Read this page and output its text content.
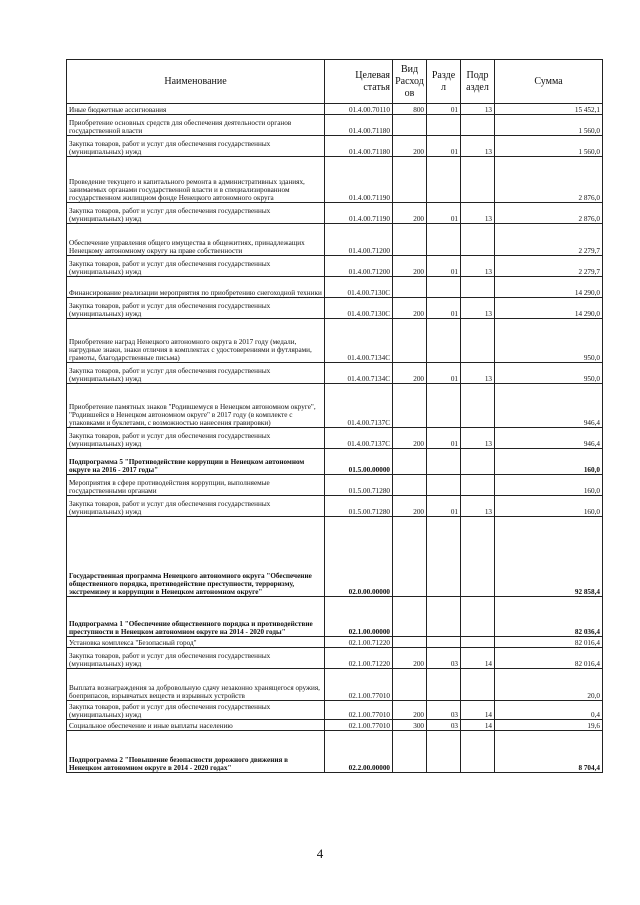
Наименование	Целевая статья	Вид Расход ов	Разде л	Подр аздел	Сумма
Иные бюджетные ассигнования	01.4.00.70110	800	01	13	15 452,1
Приобретение основных средств для обеспечения деятельности органов государственной власти	01.4.00.71180				1 560,0
Закупка товаров, работ и услуг для обеспечения государственных (муниципальных) нужд	01.4.00.71180	200	01	13	1 560,0
Проведение текущего и капитального ремонта в административных зданиях, занимаемых органами государственной власти и в специализированном государственном жилищном фонде Ненецкого автономного округа	01.4.00.71190				2 876,0
Закупка товаров, работ и услуг для обеспечения государственных (муниципальных) нужд	01.4.00.71190	200	01	13	2 876,0
Обеспечение управления общего имущества в общежитиях, принадлежащих Ненецкому автономному округу на праве собственности	01.4.00.71200				2 279,7
Закупка товаров, работ и услуг для обеспечения государственных (муниципальных) нужд	01.4.00.71200	200	01	13	2 279,7
Финансирование реализации мероприятия по приобретению снегоходной техники	01.4.00.7130С				14 290,0
Закупка товаров, работ и услуг для обеспечения государственных (муниципальных) нужд	01.4.00.7130С	200	01	13	14 290,0
Приобретение наград Ненецкого автономного округа в 2017 году (медали, нагрудные знаки, знаки отличия в комплектах с удостоверениями и футлярами, грамоты, благодарственные письма)	01.4.00.7134С				950,0
Закупка товаров, работ и услуг для обеспечения государственных (муниципальных) нужд	01.4.00.7134С	200	01	13	950,0
Приобретение памятных знаков "Родившемуся в Ненецком автономном округе", "Родившейся в Ненецком автономном округе" в 2017 году (в комплекте с упаковками и буклетами, с возможностью нанесения гравировки)	01.4.00.7137С				946,4
Закупка товаров, работ и услуг для обеспечения государственных (муниципальных) нужд	01.4.00.7137С	200	01	13	946,4
Подпрограмма 5 "Противодействие коррупции в Ненецком автономном округе на 2016 - 2017 годы"	01.5.00.00000				160,0
Мероприятия в сфере противодействия коррупции, выполняемые государственными органами	01.5.00.71280				160,0
Закупка товаров, работ и услуг для обеспечения государственных (муниципальных) нужд	01.5.00.71280	200	01	13	160,0
Государственная программа Ненецкого автономного округа "Обеспечение общественного порядка, противодействие преступности, терроризму, экстремизму и коррупции в Ненецком автономном округе"	02.0.00.00000				92 858,4
Подпрограмма 1 "Обеспечение общественного порядка и противодействие преступности в Ненецком автономном округе на 2014 - 2020 годы"	02.1.00.00000				82 036,4
Установка комплекса "Безопасный город"	02.1.00.71220				82 016,4
Закупка товаров, работ и услуг для обеспечения государственных (муниципальных) нужд	02.1.00.71220	200	03	14	82 016,4
Выплата вознаграждения за добровольную сдачу незаконно хранящегося оружия, боеприпасов, взрывчатых веществ и взрывных устройств	02.1.00.77010				20,0
Закупка товаров, работ и услуг для обеспечения государственных (муниципальных) нужд	02.1.00.77010	200	03	14	0,4
Социальное обеспечение и иные выплаты населению	02.1.00.77010	300	03	14	19,6
Подпрограмма 2 "Повышение безопасности дорожного движения в Ненецком автономном округе в 2014 - 2020 годах"	02.2.00.00000				8 704,4
4
